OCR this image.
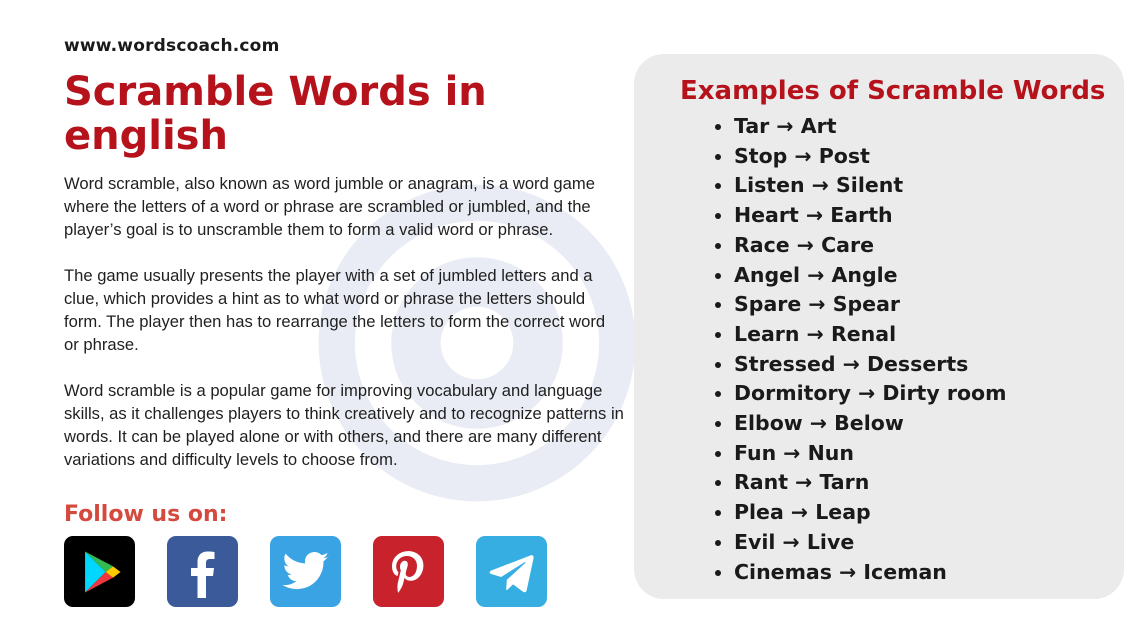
www.wordscoach.com
Scramble Words in english

Word scramble, also known as word jumble or anagram, is a word game where the letters of a word or phrase are scrambled or jumbled, and the player’s goal is to unscramble them to form a valid word or phrase.

The game usually presents the player with a set of jumbled letters and a clue, which provides a hint as to what word or phrase the letters should form. The player then has to rearrange the letters to form the correct word or phrase.

Word scramble is a popular game for improving vocabulary and language skills, as it challenges players to think creatively and to recognize patterns in words. It can be played alone or with others, and there are many different variations and difficulty levels to choose from.

Follow us on:
Examples of Scramble Words
• Tar → Art
• Stop → Post
• Listen → Silent
• Heart → Earth
• Race → Care
• Angel → Angle
• Spare → Spear
• Learn → Renal
• Stressed → Desserts
• Dormitory → Dirty room
• Elbow → Below
• Fun → Nun
• Rant → Tarn
• Plea → Leap
• Evil → Live
• Cinemas → Iceman
